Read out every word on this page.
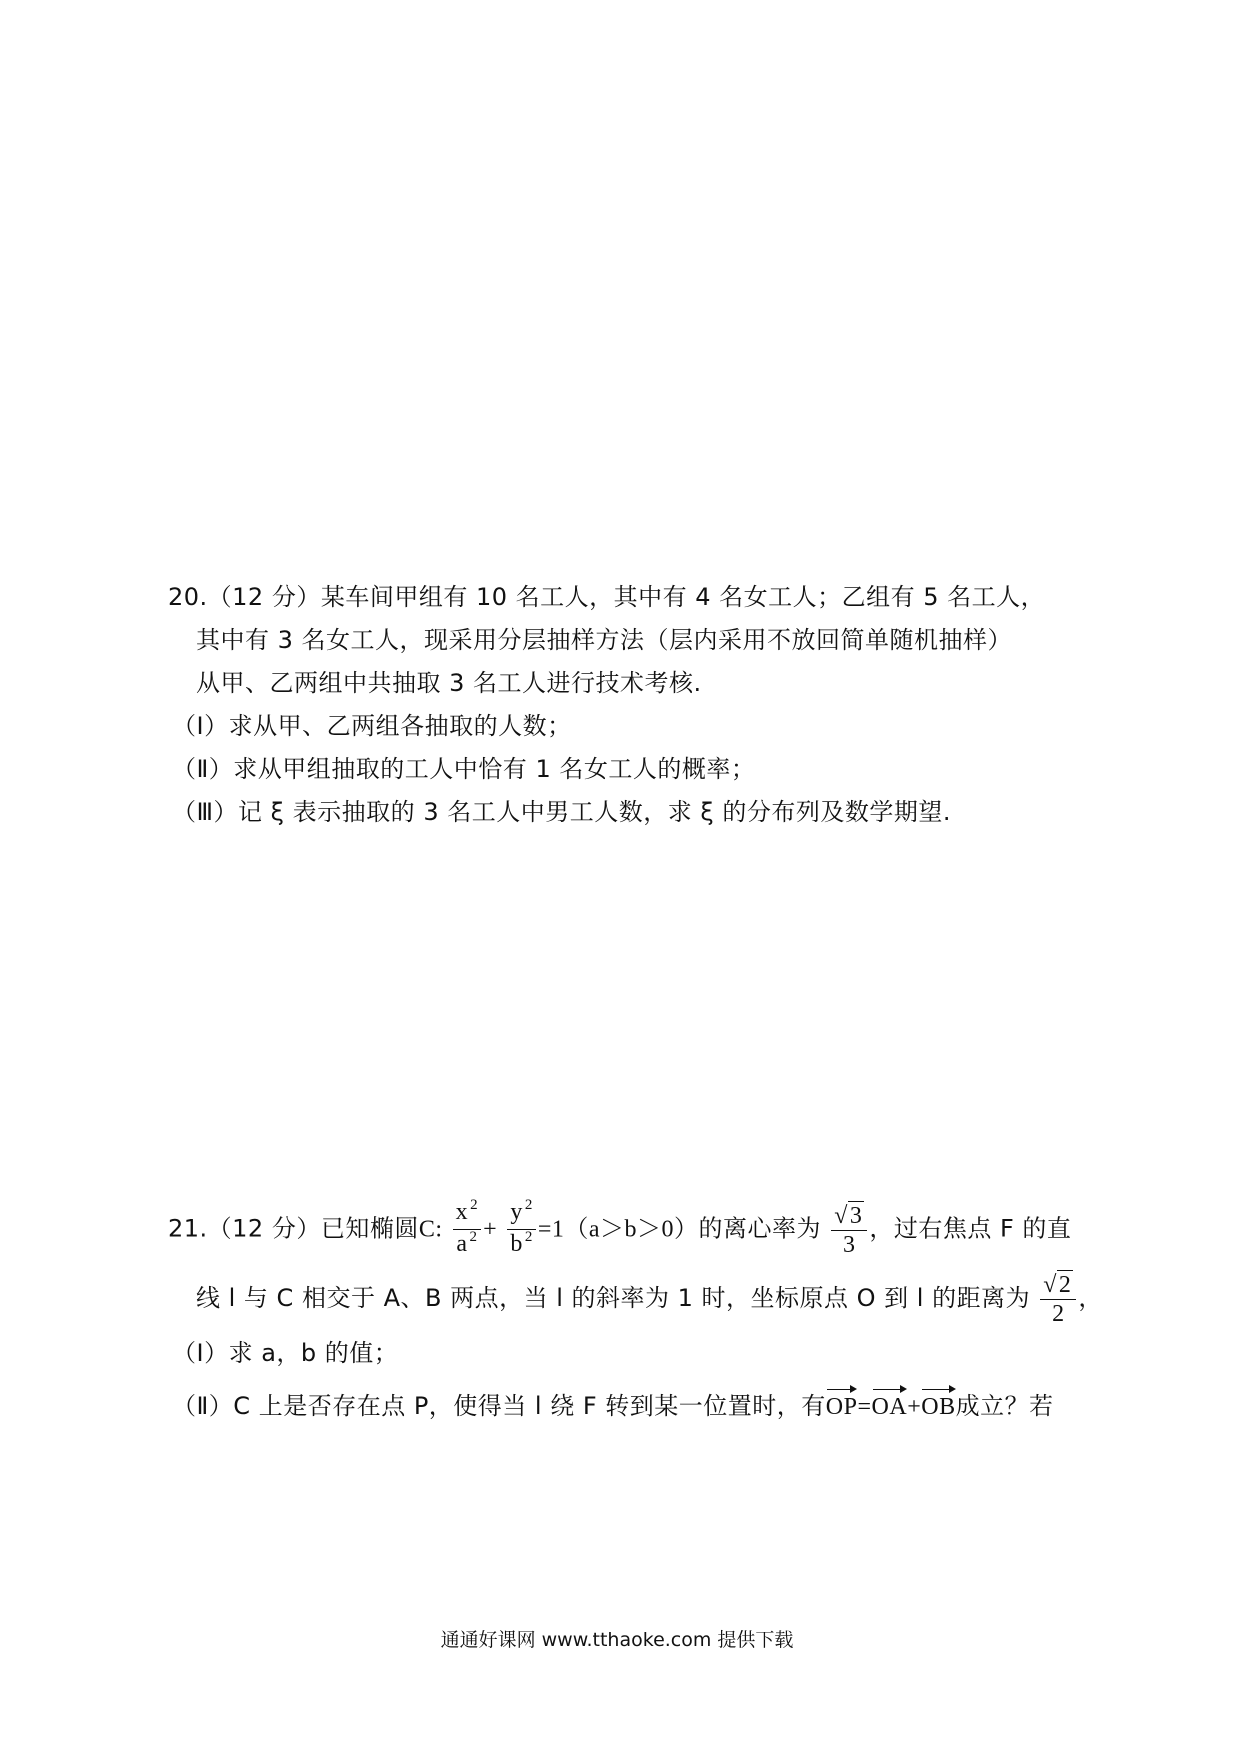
20.（12 分）某车间甲组有 10 名工人，其中有 4 名女工人；乙组有 5 名工人，
其中有 3 名女工人，现采用分层抽样方法（层内采用不放回简单随机抽样）
从甲、乙两组中共抽取 3 名工人进行技术考核.
（Ⅰ）求从甲、乙两组各抽取的人数；
（Ⅱ）求从甲组抽取的工人中恰有 1 名女工人的概率；
（Ⅲ）记 ξ 表示抽取的 3 名工人中男工人数，求 ξ 的分布列及数学期望.
21.（12 分）已知椭圆C: $\frac{x ^2}{a ^2} + \frac{y ^2}{b ^2} =1(a>b>0)$的离心率为 $\frac{√3}{3}$ ，过右焦点 F 的直
线 l 与 C 相交于 A、B 两点，当 l 的斜率为 1 时，坐标原点 O 到 l 的距离为 $\frac{√2}{2}$ ，
（Ⅰ）求 a，b 的值；
（Ⅱ）C 上是否存在点 P，使得当 l 绕 F 转到某一位置时，有OP=OA+OB成立？若
通通好课网 www.tthaoke.com 提供下载
